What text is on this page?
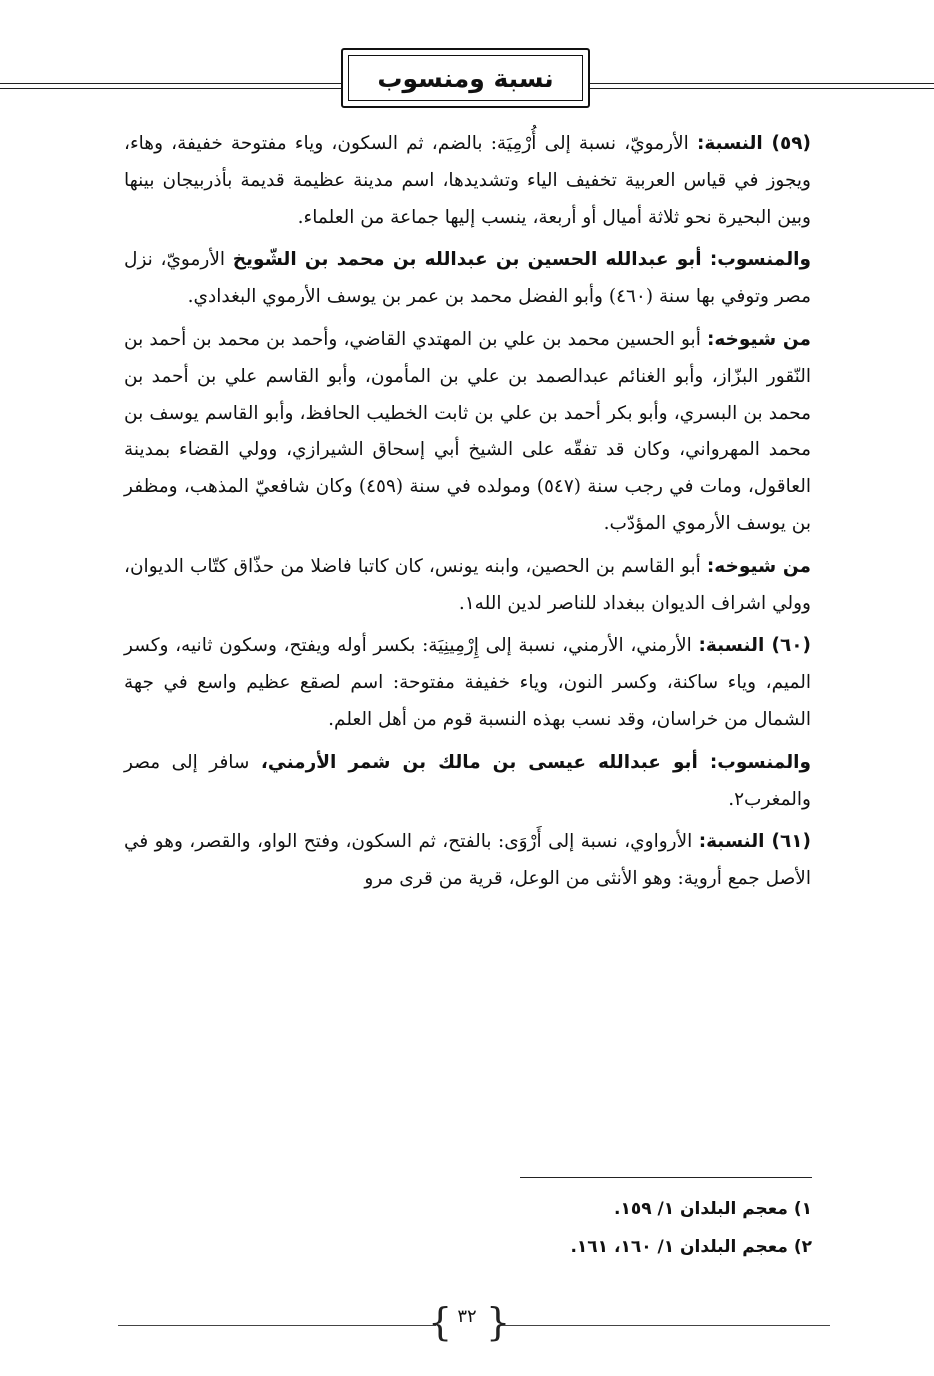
نسبة ومنسوب

(٥٩) النسبة: الأرمويّ، نسبة إلى أُرْمِيَة: بالضم، ثم السكون، وياء مفتوحة خفيفة، وهاء، ويجوز في قياس العربية تخفيف الياء وتشديدها، اسم مدينة عظيمة قديمة بأذربيجان بينها وبين البحيرة نحو ثلاثة أميال أو أربعة، ينسب إليها جماعة من العلماء.

والمنسوب: أبو عبدالله الحسين بن عبدالله بن محمد بن الشّويخ الأرمويّ، نزل مصر وتوفي بها سنة (٤٦٠) وأبو الفضل محمد بن عمر بن يوسف الأرموي البغدادي.

من شيوخه: أبو الحسين محمد بن علي بن المهتدي القاضي، وأحمد بن محمد بن أحمد بن النّقور البزّاز، وأبو الغنائم عبدالصمد بن علي بن المأمون، وأبو القاسم علي بن أحمد بن محمد بن البسري، وأبو بكر أحمد بن علي بن ثابت الخطيب الحافظ، وأبو القاسم يوسف بن محمد المهرواني، وكان قد تفقّه على الشيخ أبي إسحاق الشيرازي، وولي القضاء بمدينة العاقول، ومات في رجب سنة (٥٤٧) ومولده في سنة (٤٥٩) وكان شافعيّ المذهب، ومظفر بن يوسف الأرموي المؤدّب.

من شيوخه: أبو القاسم بن الحصين، وابنه يونس، كان كاتبا فاضلا من حذّاق كتّاب الديوان، وولي اشراف الديوان ببغداد للناصر لدين الله١.

(٦٠) النسبة: الأرمني، الأرمني، نسبة إلى إِرْمِينِيَة: بكسر أوله ويفتح، وسكون ثانيه، وكسر الميم، وياء ساكنة، وكسر النون، وياء خفيفة مفتوحة: اسم لصقع عظيم واسع في جهة الشمال من خراسان، وقد نسب بهذه النسبة قوم من أهل العلم.

والمنسوب: أبو عبدالله عيسى بن مالك بن شمر الأرمني، سافر إلى مصر والمغرب٢.

(٦١) النسبة: الأرواوي، نسبة إلى أَرْوَى: بالفتح، ثم السكون، وفتح الواو، والقصر، وهو في الأصل جمع أروية: وهو الأنثى من الوعل، قرية من قرى مرو

١) معجم البلدان ١/ ١٥٩.

٢) معجم البلدان ١/ ١٦٠، ١٦١.

{ ٣٢ }
